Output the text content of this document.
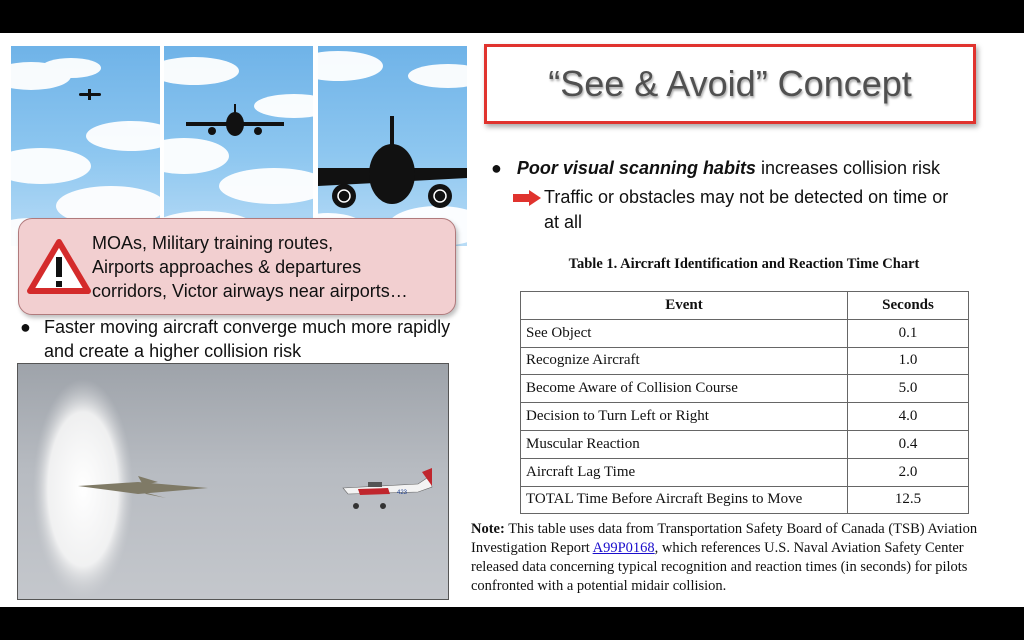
MOAs, Military training routes,
Airports approaches & departures
corridors, Victor airways near airports…
● Faster moving aircraft converge much more rapidly and create a higher collision risk
423
“See & Avoid” Concept
● Poor visual scanning habits increases collision risk
Traffic or obstacles may not be detected on time or at all
Table 1. Aircraft Identification and Reaction Time Chart
Event	Seconds
See Object	0.1
Recognize Aircraft	1.0
Become Aware of Collision Course	5.0
Decision to Turn Left or Right	4.0
Muscular Reaction	0.4
Aircraft Lag Time	2.0
TOTAL Time Before Aircraft Begins to Move	12.5
Note: This table uses data from Transportation Safety Board of Canada (TSB) Aviation Investigation Report A99P0168, which references U.S. Naval Aviation Safety Center released data concerning typical recognition and reaction times (in seconds) for pilots confronted with a potential midair collision.
